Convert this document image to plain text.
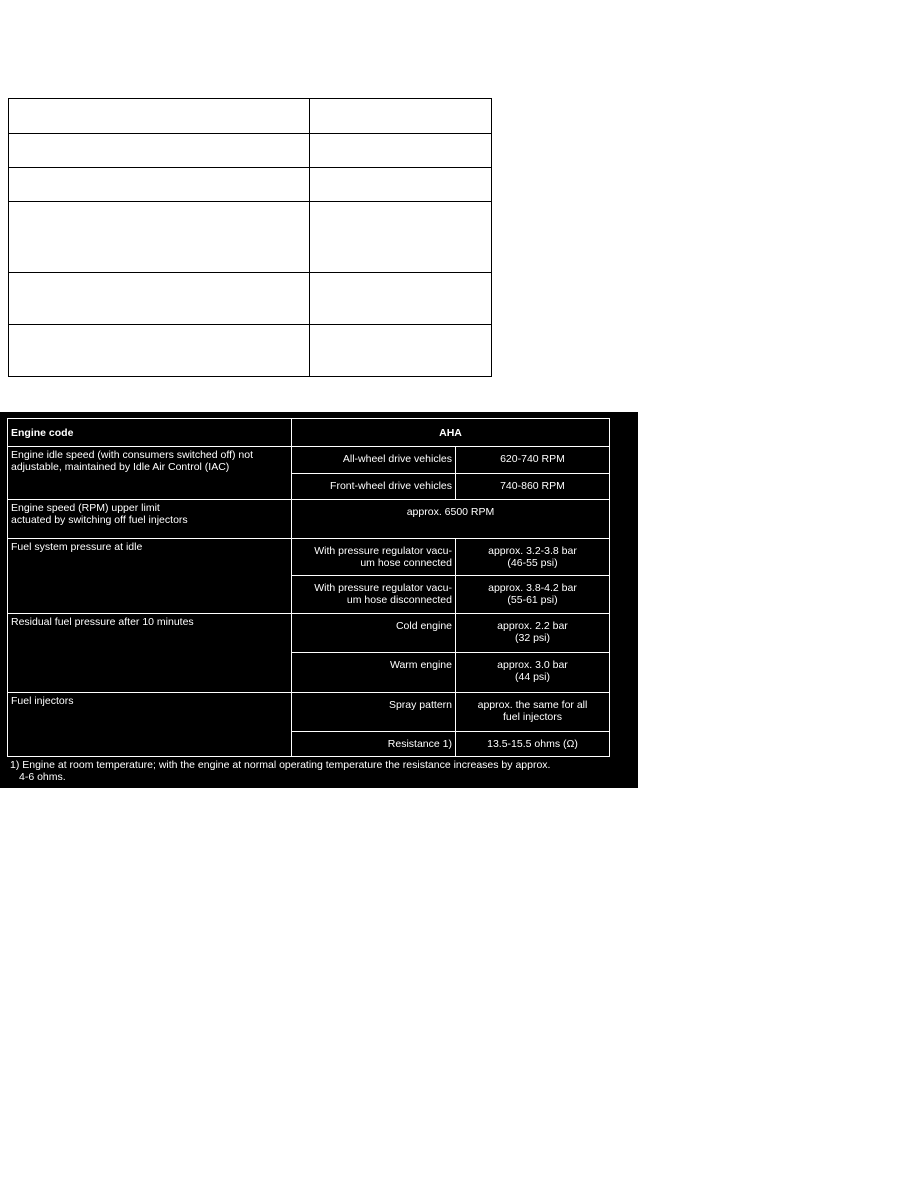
Engine code	AHA	
Engine idle speed (with consumers switched off) not adjustable, maintained by Idle Air Control (IAC)	All-wheel drive vehicles	620-740 RPM
	Front-wheel drive vehicles	740-860 RPM
Engine speed (RPM) upper limit
actuated by switching off fuel injectors	approx. 6500 RPM	
Fuel system pressure at idle	With pressure regulator vacu-
um hose connected	approx. 3.2-3.8 bar
(46-55 psi)
	With pressure regulator vacu-
um hose disconnected	approx. 3.8-4.2 bar
(55-61 psi)
Residual fuel pressure after 10 minutes	Cold engine	approx. 2.2 bar
(32 psi)
	Warm engine	approx. 3.0 bar
(44 psi)
Fuel injectors	Spray pattern	approx. the same for all
fuel injectors
	Resistance 1)	13.5-15.5 ohms (Ω)
1) Engine at room temperature; with the engine at normal operating temperature the resistance increases by approx.
4-6 ohms.
